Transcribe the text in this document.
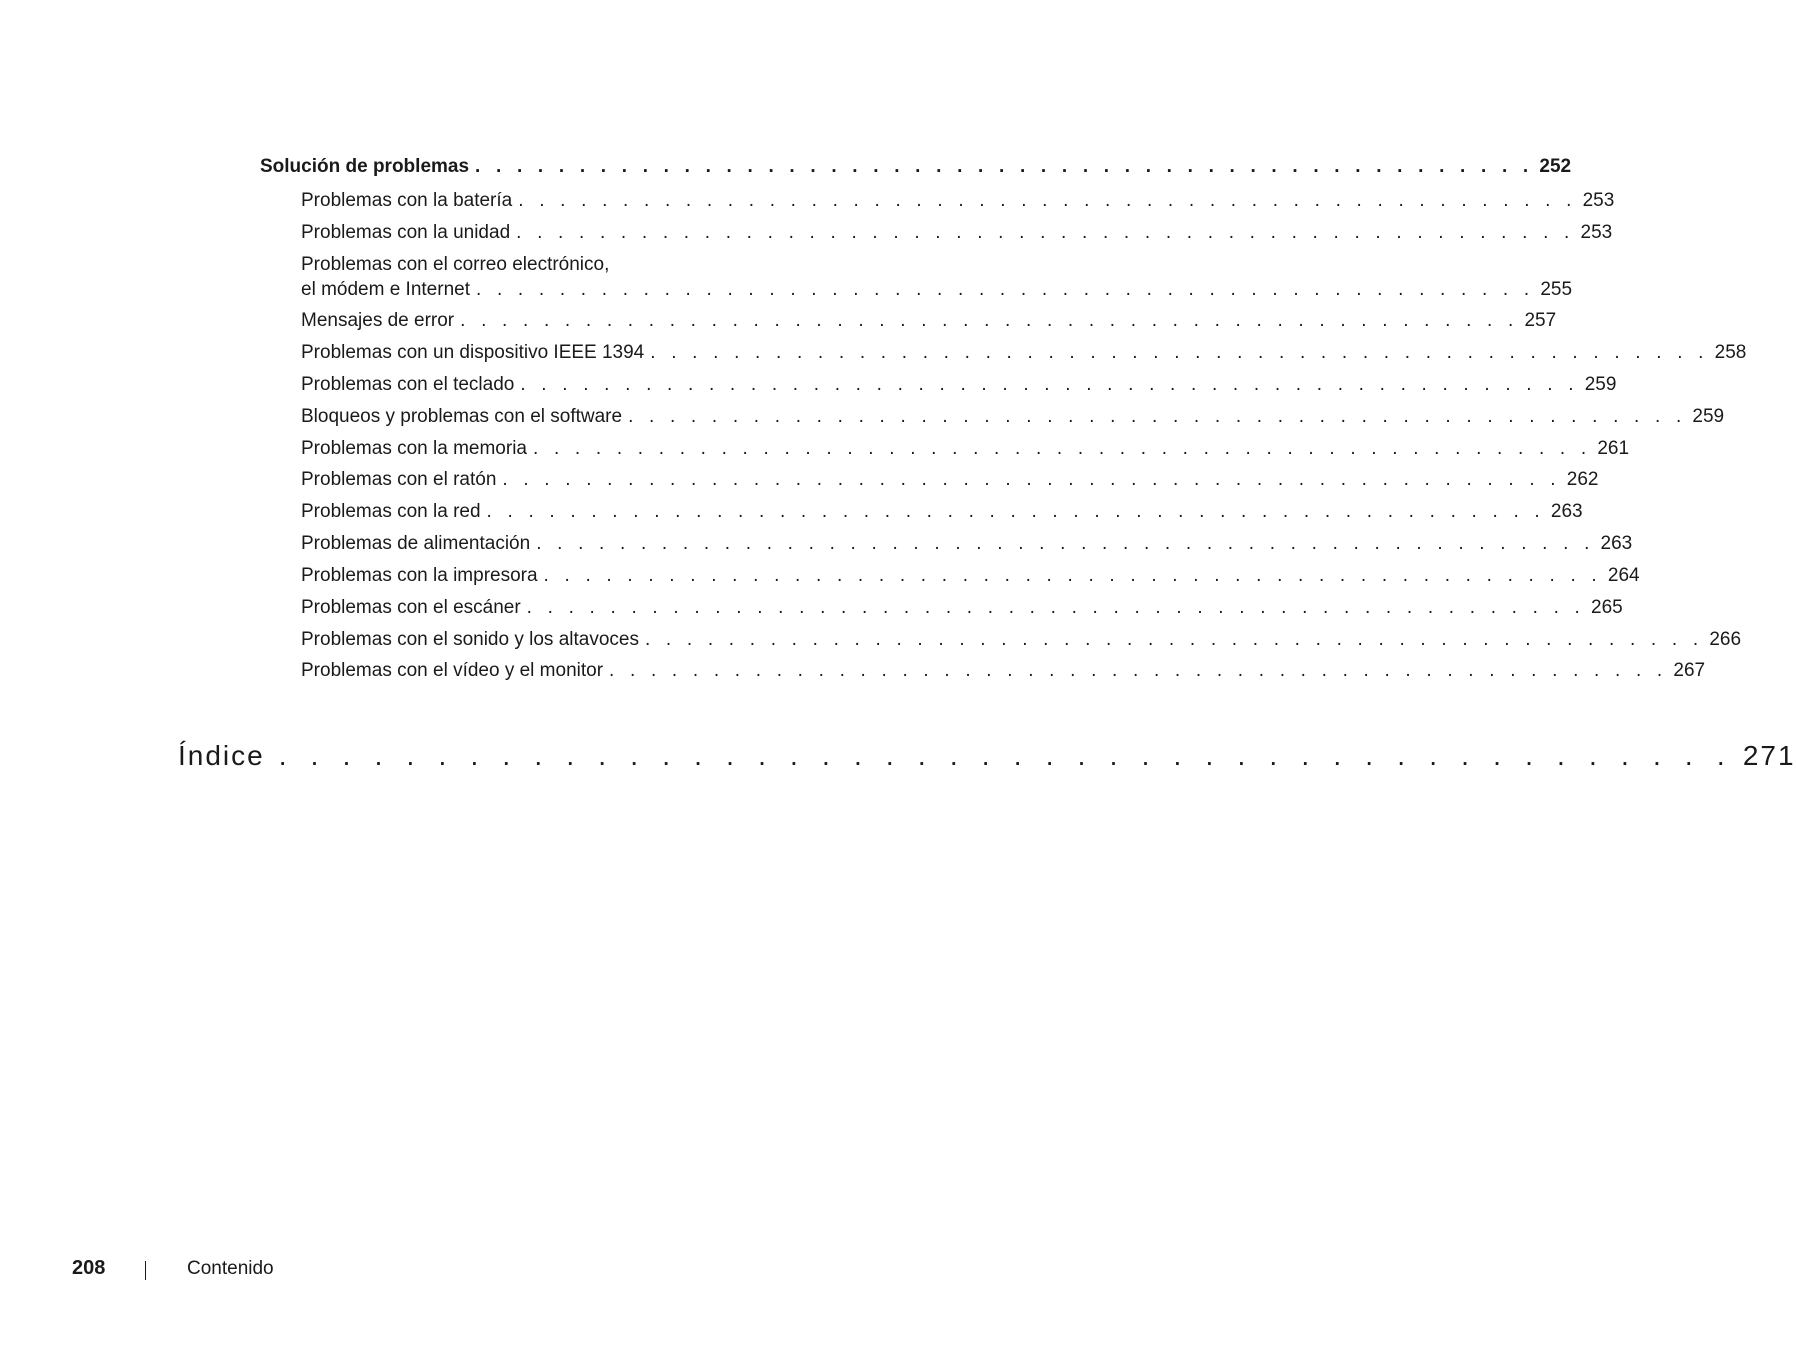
Solución de problemas . . . . . . . . . . . . . . . . . . . . . . . . . . . . . . . . . . . . . . . . . . . . . . . . . . . 252
Problemas con la batería . . . . . . . . . . . . . . . . . . . . . . . . . . . . . . . . . . . . . . . . . . . . . . . . . . . 253
Problemas con la unidad . . . . . . . . . . . . . . . . . . . . . . . . . . . . . . . . . . . . . . . . . . . . . . . . . . . 253
Problemas con el correo electrónico,
el módem e Internet . . . . . . . . . . . . . . . . . . . . . . . . . . . . . . . . . . . . . . . . . . . . . . . . . . . 255
Mensajes de error . . . . . . . . . . . . . . . . . . . . . . . . . . . . . . . . . . . . . . . . . . . . . . . . . . . 257
Problemas con un dispositivo IEEE 1394 . . . . . . . . . . . . . . . . . . . . . . . . . . . . . . . . . . . . . . . . . . . . . . . . . . . 258
Problemas con el teclado . . . . . . . . . . . . . . . . . . . . . . . . . . . . . . . . . . . . . . . . . . . . . . . . . . . 259
Bloqueos y problemas con el software . . . . . . . . . . . . . . . . . . . . . . . . . . . . . . . . . . . . . . . . . . . . . . . . . . . 259
Problemas con la memoria . . . . . . . . . . . . . . . . . . . . . . . . . . . . . . . . . . . . . . . . . . . . . . . . . . . 261
Problemas con el ratón . . . . . . . . . . . . . . . . . . . . . . . . . . . . . . . . . . . . . . . . . . . . . . . . . . . 262
Problemas con la red . . . . . . . . . . . . . . . . . . . . . . . . . . . . . . . . . . . . . . . . . . . . . . . . . . . 263
Problemas de alimentación . . . . . . . . . . . . . . . . . . . . . . . . . . . . . . . . . . . . . . . . . . . . . . . . . . . 263
Problemas con la impresora . . . . . . . . . . . . . . . . . . . . . . . . . . . . . . . . . . . . . . . . . . . . . . . . . . . 264
Problemas con el escáner . . . . . . . . . . . . . . . . . . . . . . . . . . . . . . . . . . . . . . . . . . . . . . . . . . . 265
Problemas con el sonido y los altavoces . . . . . . . . . . . . . . . . . . . . . . . . . . . . . . . . . . . . . . . . . . . . . . . . . . . 266
Problemas con el vídeo y el monitor . . . . . . . . . . . . . . . . . . . . . . . . . . . . . . . . . . . . . . . . . . . . . . . . . . . 267
Índice . . . . . . . . . . . . . . . . . . . . . . . . . . . . . . . . . . . . . . . . . . . . . . 271
208	Contenido
